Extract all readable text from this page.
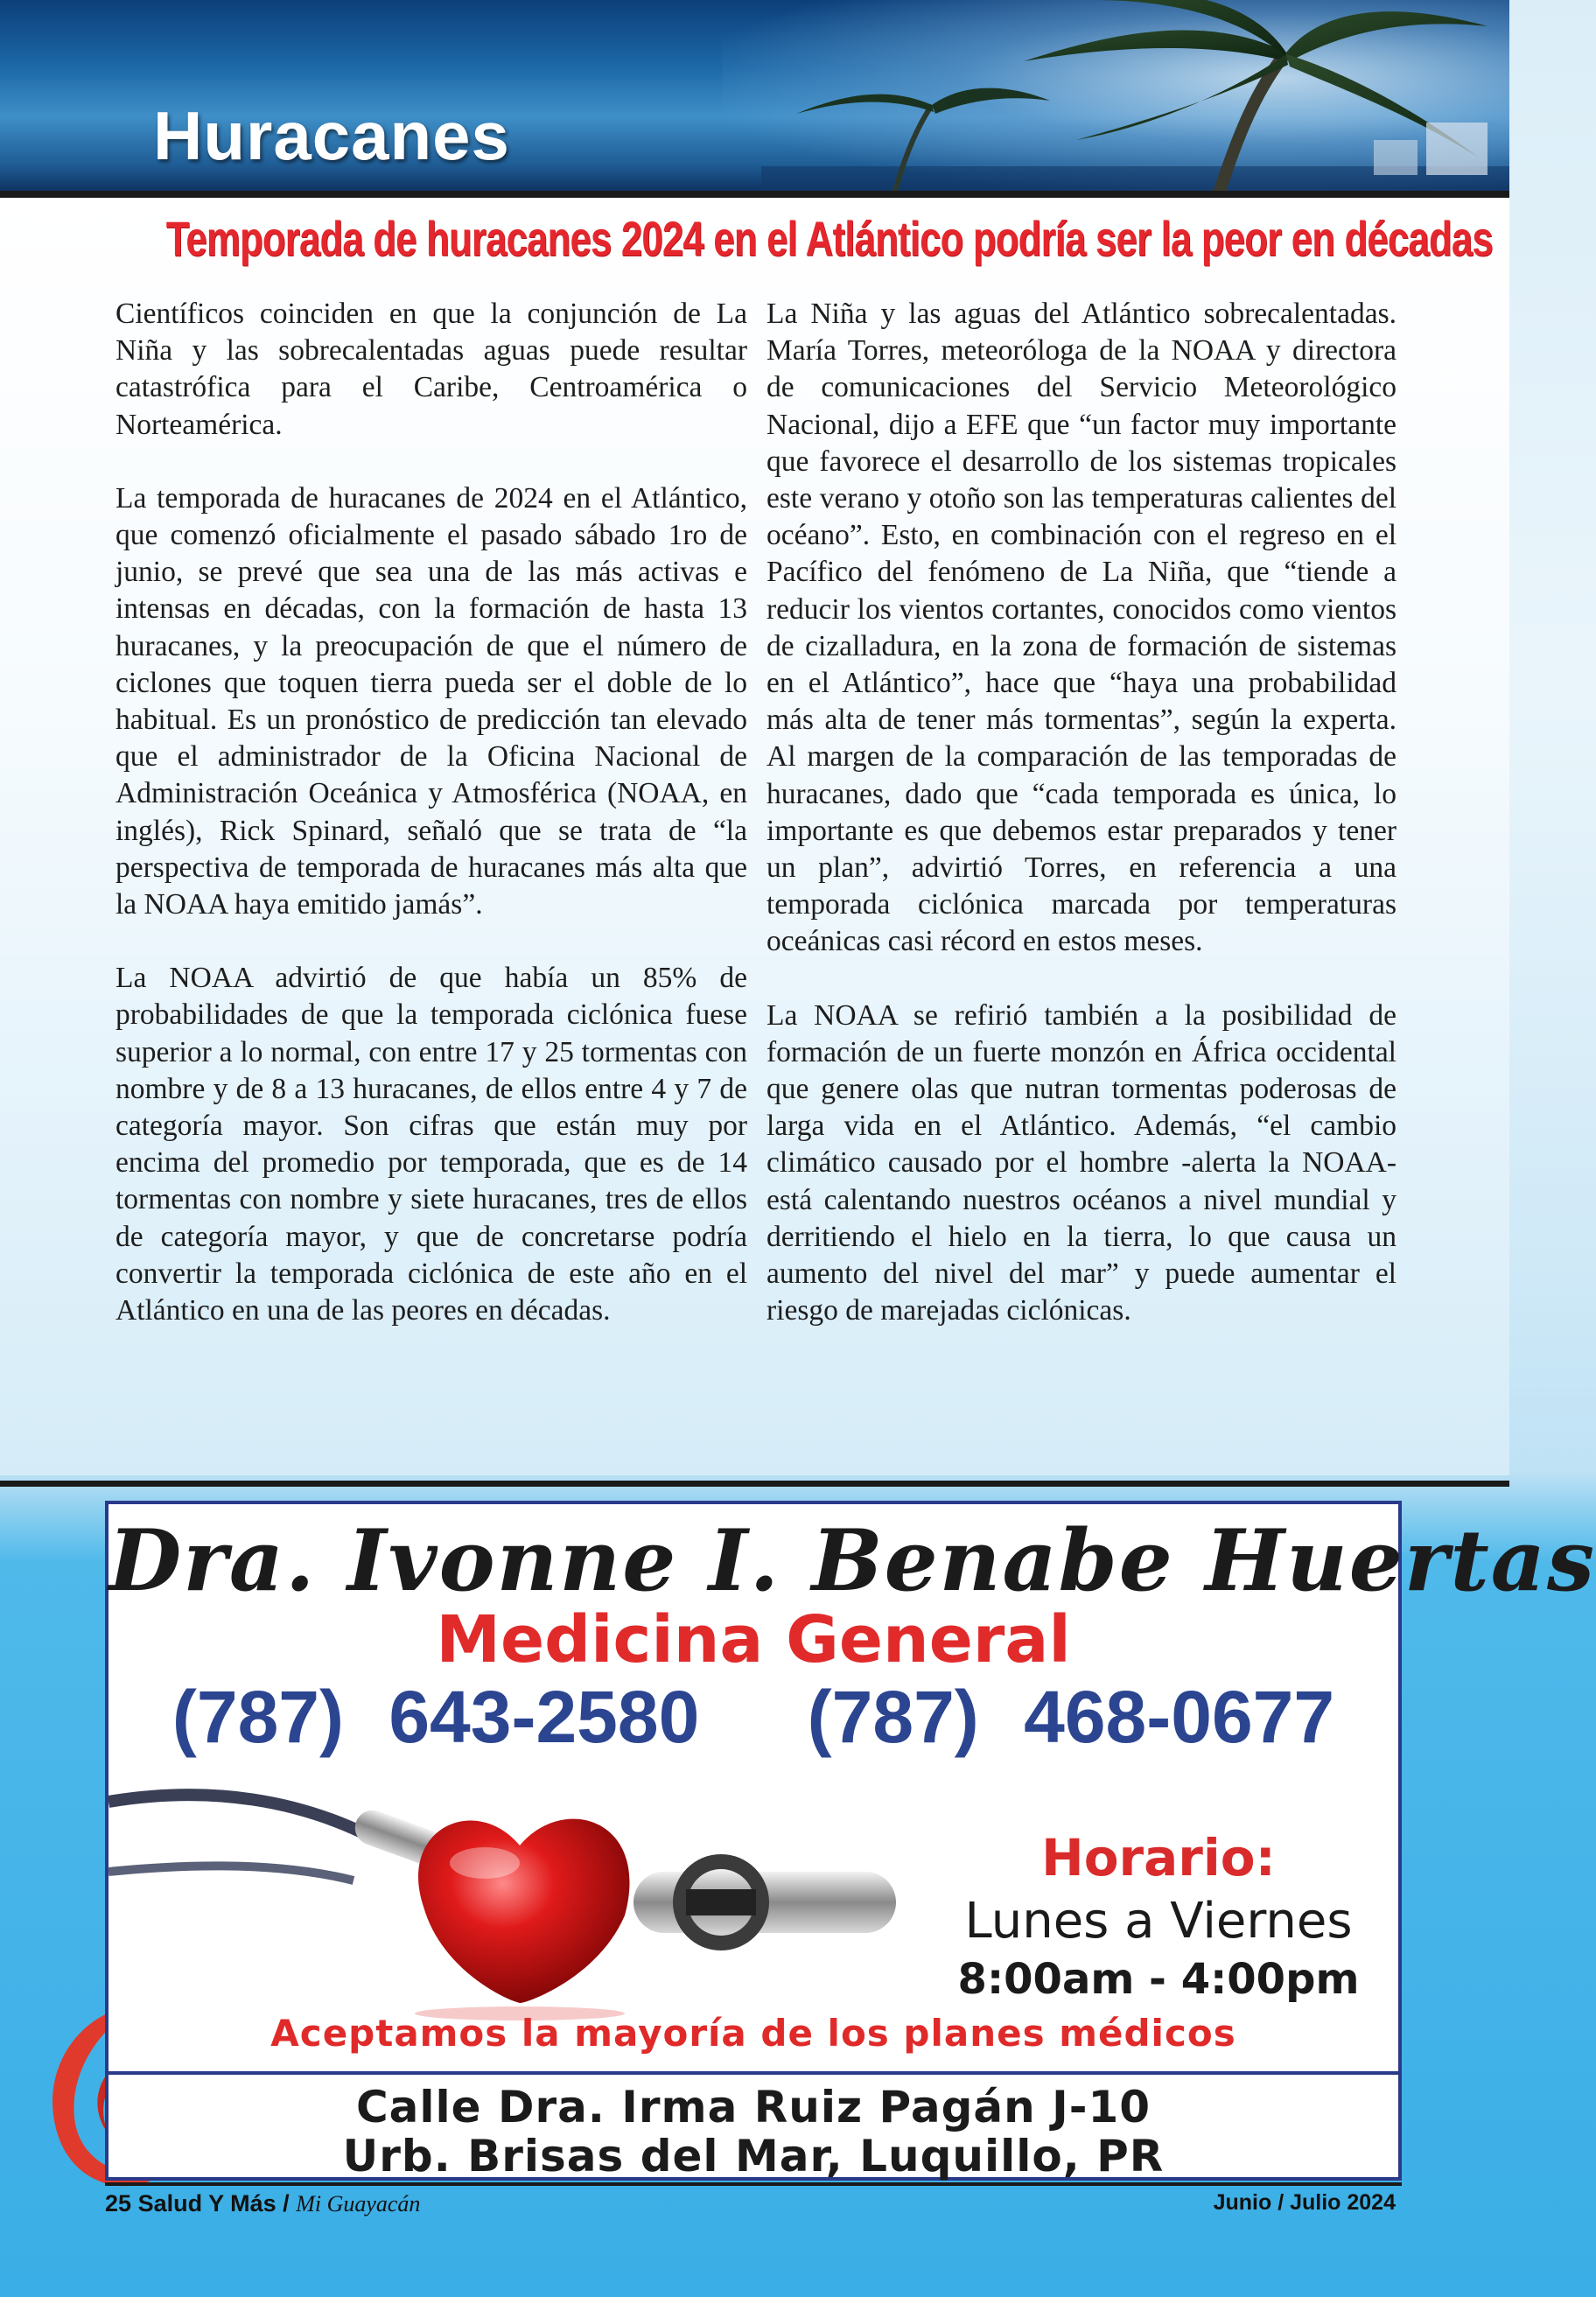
Huracanes
Temporada de huracanes 2024 en el Atlántico podría ser la peor en décadas

Científicos coinciden en que la conjunción de La Niña y las sobrecalentadas aguas puede resultar catastrófica para el Caribe, Centroamérica o Norteamérica.

La temporada de huracanes de 2024 en el Atlántico, que comenzó oficialmente el pasado sábado 1ro de junio, se prevé que sea una de las más activas e intensas en décadas, con la formación de hasta 13 huracanes, y la preocupación de que el número de ciclones que toquen tierra pueda ser el doble de lo habitual. Es un pronóstico de predicción tan elevado que el administrador de la Oficina Nacional de Administración Oceánica y Atmosférica (NOAA, en inglés), Rick Spinard, señaló que se trata de “la perspectiva de temporada de huracanes más alta que la NOAA haya emitido jamás”.

La NOAA advirtió de que había un 85% de probabilidades de que la temporada ciclónica fuese superior a lo normal, con entre 17 y 25 tormentas con nombre y de 8 a 13 huracanes, de ellos entre 4 y 7 de categoría mayor. Son cifras que están muy por encima del promedio por temporada, que es de 14 tormentas con nombre y siete huracanes, tres de ellos de categoría mayor, y que de concretarse podría convertir la temporada ciclónica de este año en el Atlántico en una de las peores en décadas.

La Niña y las aguas del Atlántico sobrecalentadas. María Torres, meteoróloga de la NOAA y directora de comunicaciones del Servicio Meteorológico Nacional, dijo a EFE que “un factor muy importante que favorece el desarrollo de los sistemas tropicales este verano y otoño son las temperaturas calientes del océano”. Esto, en combinación con el regreso en el Pacífico del fenómeno de La Niña, que “tiende a reducir los vientos cortantes, conocidos como vientos de cizalladura, en la zona de formación de sistemas en el Atlántico”, hace que “haya una probabilidad más alta de tener más tormentas”, según la experta. Al margen de la comparación de las temporadas de huracanes, dado que “cada temporada es única, lo importante es que debemos estar preparados y tener un plan”, advirtió Torres, en referencia a una temporada ciclónica marcada por temperaturas oceánicas casi récord en estos meses.

La NOAA se refirió también a la posibilidad de formación de un fuerte monzón en África occidental que genere olas que nutran tormentas poderosas de larga vida en el Atlántico. Además, “el cambio climático causado por el hombre -alerta la NOAA- está calentando nuestros océanos a nivel mundial y derritiendo el hielo en la tierra, lo que causa un aumento del nivel del mar” y puede aumentar el riesgo de marejadas ciclónicas.

Dra. Ivonne I. Benabe Huertas

Medicina General

(787) 643-2580 (787) 468-0677

Horario:

Lunes a Viernes

8:00am - 4:00pm

Aceptamos la mayoría de los planes médicos

Calle Dra. Irma Ruiz Pagán J-10

Urb. Brisas del Mar, Luquillo, PR

25 Salud Y Más / Mi Guayacán	Junio / Julio 2024
